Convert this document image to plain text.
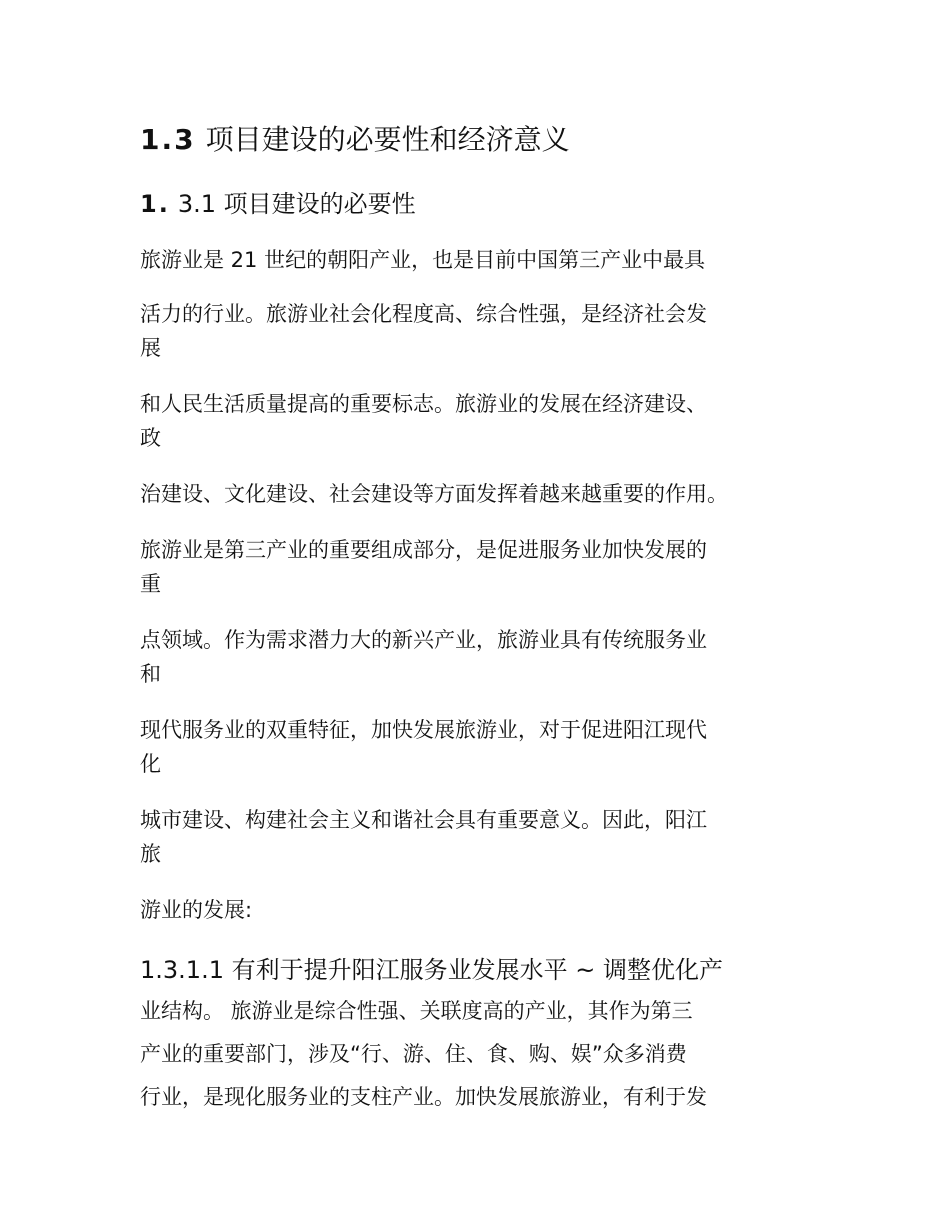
1.3 项目建设的必要性和经济意义
1. 3.1 项目建设的必要性
旅游业是 21 世纪的朝阳产业，也是目前中国第三产业中最具
活力的行业。旅游业社会化程度高、综合性强，是经济社会发
展
和人民生活质量提高的重要标志。旅游业的发展在经济建设、
政
治建设、文化建设、社会建设等方面发挥着越来越重要的作用。
旅游业是第三产业的重要组成部分，是促进服务业加快发展的
重
点领域。作为需求潜力大的新兴产业，旅游业具有传统服务业
和
现代服务业的双重特征，加快发展旅游业，对于促进阳江现代
化
城市建设、构建社会主义和谐社会具有重要意义。因此，阳江
旅
游业的发展:
1.3.1.1 有利于提升阳江服务业发展水平 ~ 调整优化产
业结构。 旅游业是综合性强、关联度高的产业，其作为第三
产业的重要部门，涉及“行、游、住、食、购、娱”众多消费
行业，是现化服务业的支柱产业。加快发展旅游业，有利于发
